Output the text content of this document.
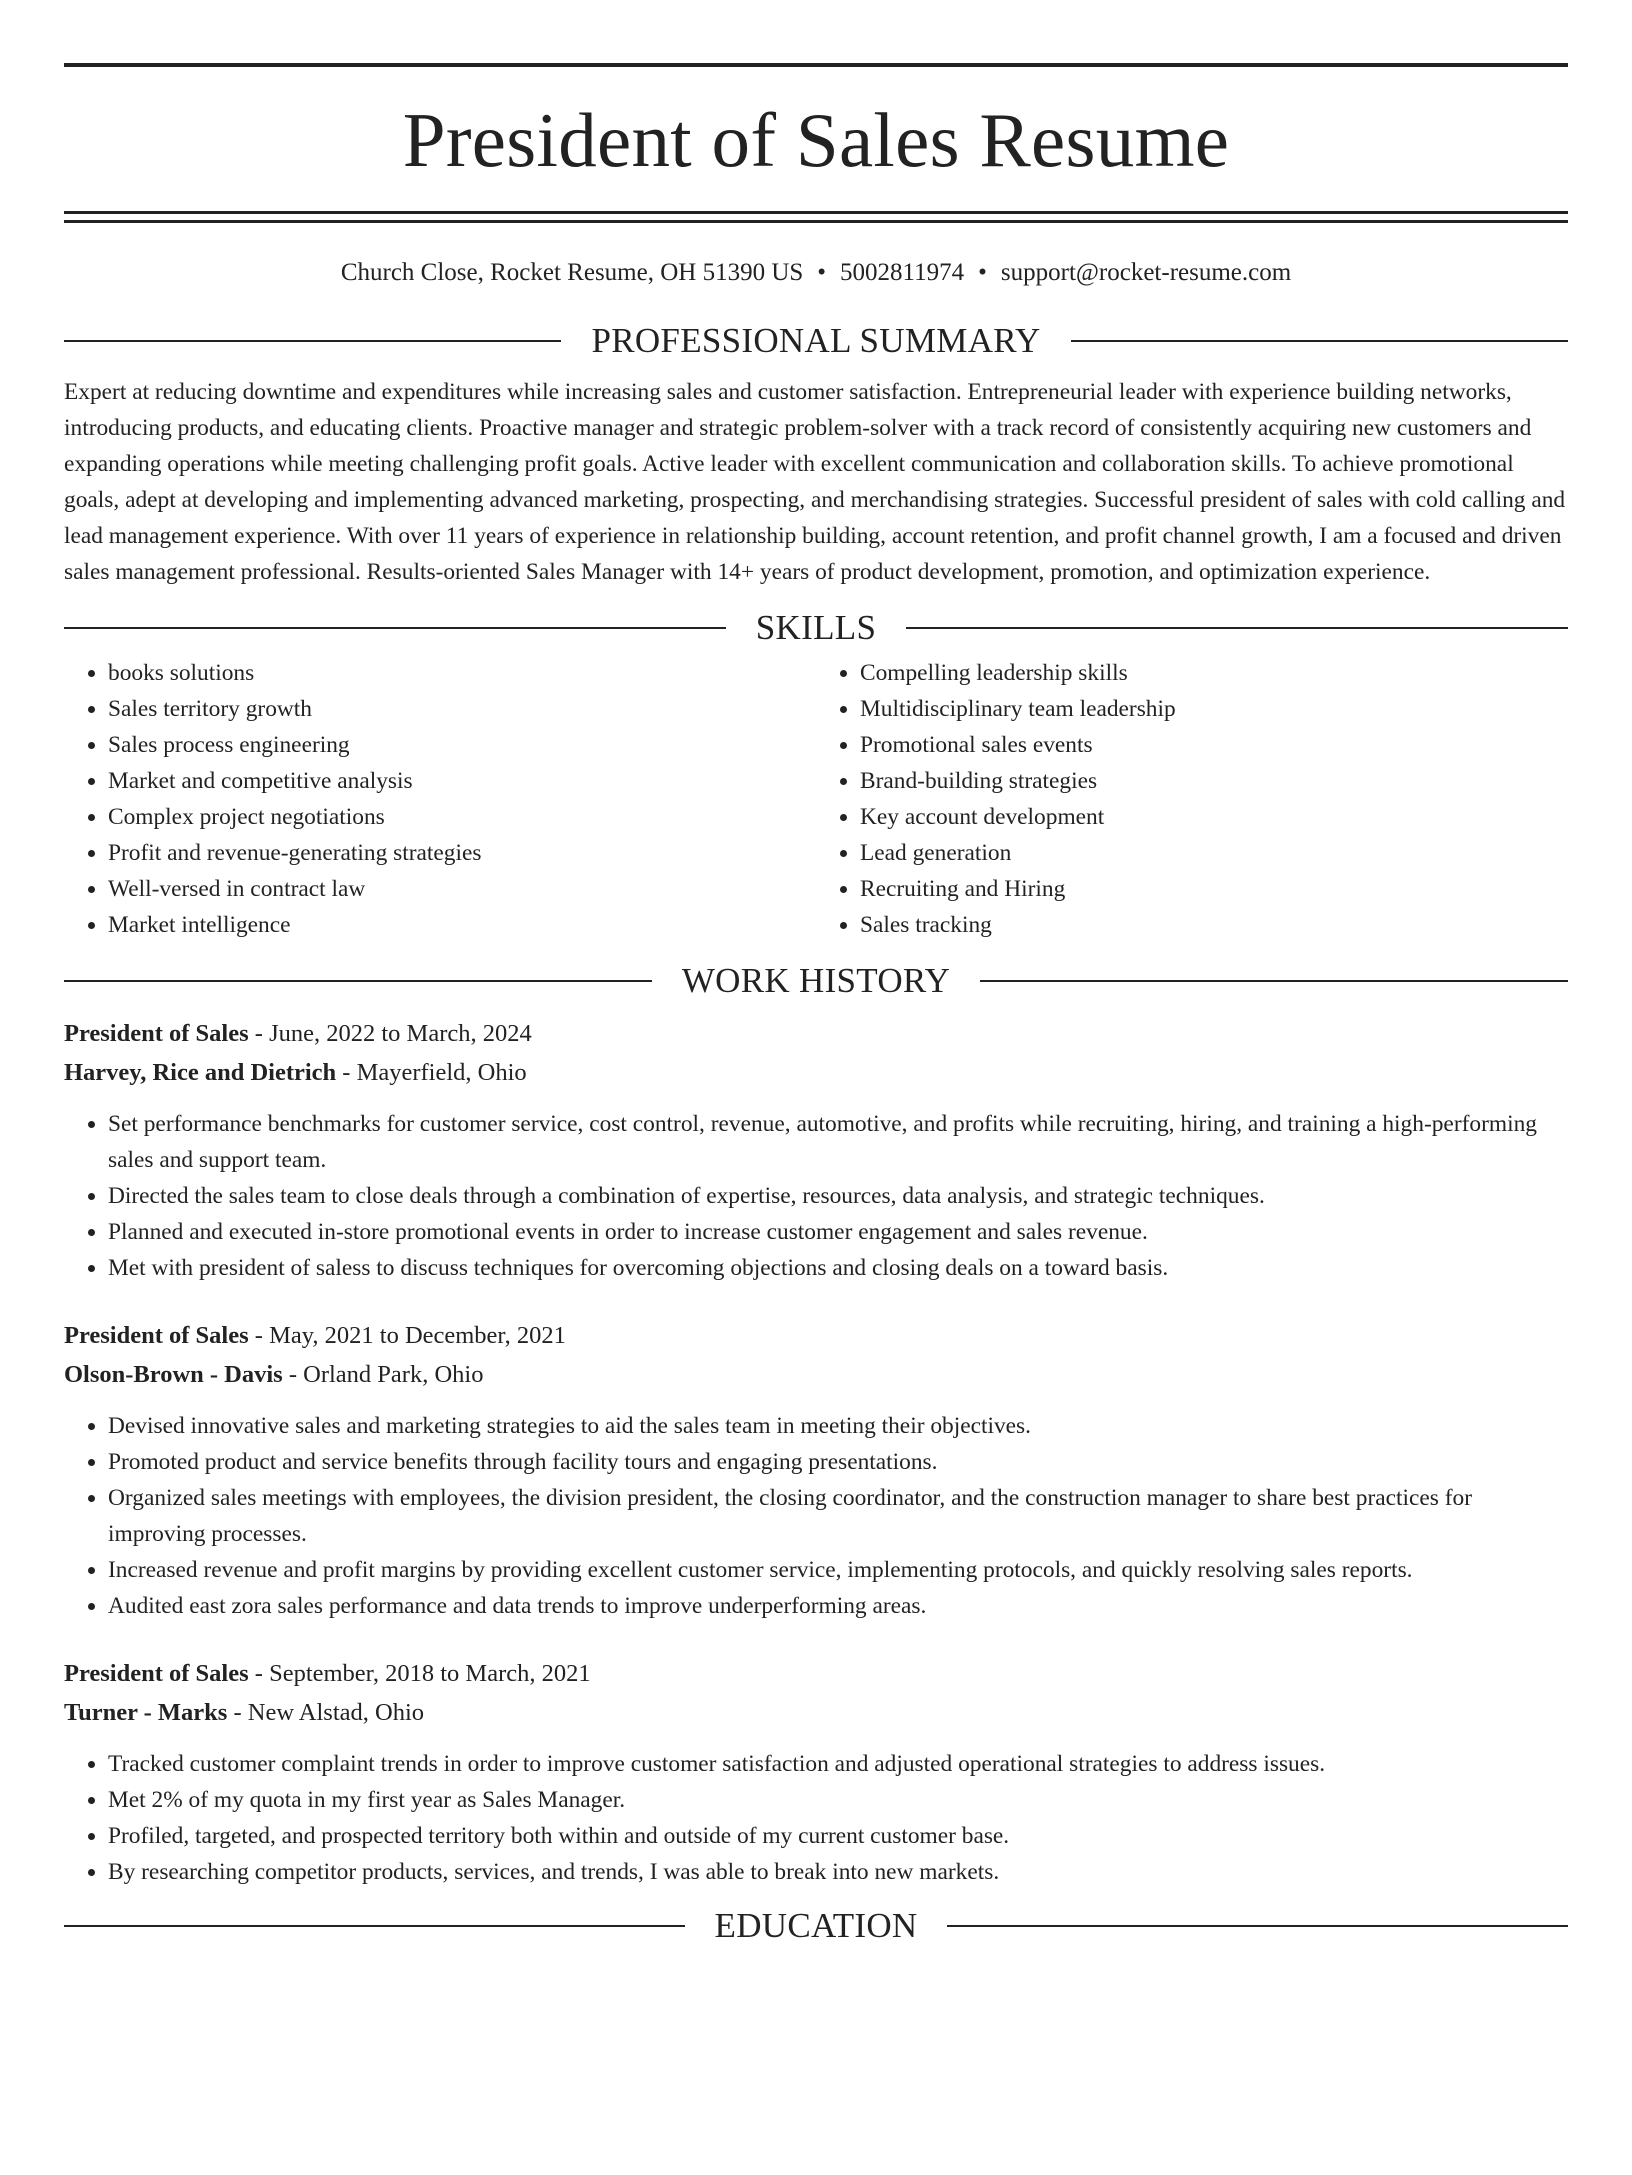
President of Sales Resume
Church Close, Rocket Resume, OH 51390 US • 5002811974 • support@rocket-resume.com
PROFESSIONAL SUMMARY

Expert at reducing downtime and expenditures while increasing sales and customer satisfaction. Entrepreneurial leader with experience building networks, introducing products, and educating clients. Proactive manager and strategic problem-solver with a track record of consistently acquiring new customers and expanding operations while meeting challenging profit goals. Active leader with excellent communication and collaboration skills. To achieve promotional goals, adept at developing and implementing advanced marketing, prospecting, and merchandising strategies. Successful president of sales with cold calling and lead management experience. With over 11 years of experience in relationship building, account retention, and profit channel growth, I am a focused and driven sales management professional. Results-oriented Sales Manager with 14+ years of product development, promotion, and optimization experience.

SKILLS
• books solutions
• Sales territory growth
• Sales process engineering
• Market and competitive analysis
• Complex project negotiations
• Profit and revenue-generating strategies
• Well-versed in contract law
• Market intelligence
• Compelling leadership skills
• Multidisciplinary team leadership
• Promotional sales events
• Brand-building strategies
• Key account development
• Lead generation
• Recruiting and Hiring
• Sales tracking
WORK HISTORY
President of Sales - June, 2022 to March, 2024
Harvey, Rice and Dietrich - Mayerfield, Ohio
• Set performance benchmarks for customer service, cost control, revenue, automotive, and profits while recruiting, hiring, and training a high-performing sales and support team.
• Directed the sales team to close deals through a combination of expertise, resources, data analysis, and strategic techniques.
• Planned and executed in-store promotional events in order to increase customer engagement and sales revenue.
• Met with president of saless to discuss techniques for overcoming objections and closing deals on a toward basis.
President of Sales - May, 2021 to December, 2021
Olson-Brown - Davis - Orland Park, Ohio
• Devised innovative sales and marketing strategies to aid the sales team in meeting their objectives.
• Promoted product and service benefits through facility tours and engaging presentations.
• Organized sales meetings with employees, the division president, the closing coordinator, and the construction manager to share best practices for improving processes.
• Increased revenue and profit margins by providing excellent customer service, implementing protocols, and quickly resolving sales reports.
• Audited east zora sales performance and data trends to improve underperforming areas.
President of Sales - September, 2018 to March, 2021
Turner - Marks - New Alstad, Ohio
• Tracked customer complaint trends in order to improve customer satisfaction and adjusted operational strategies to address issues.
• Met 2% of my quota in my first year as Sales Manager.
• Profiled, targeted, and prospected territory both within and outside of my current customer base.
• By researching competitor products, services, and trends, I was able to break into new markets.
EDUCATION
